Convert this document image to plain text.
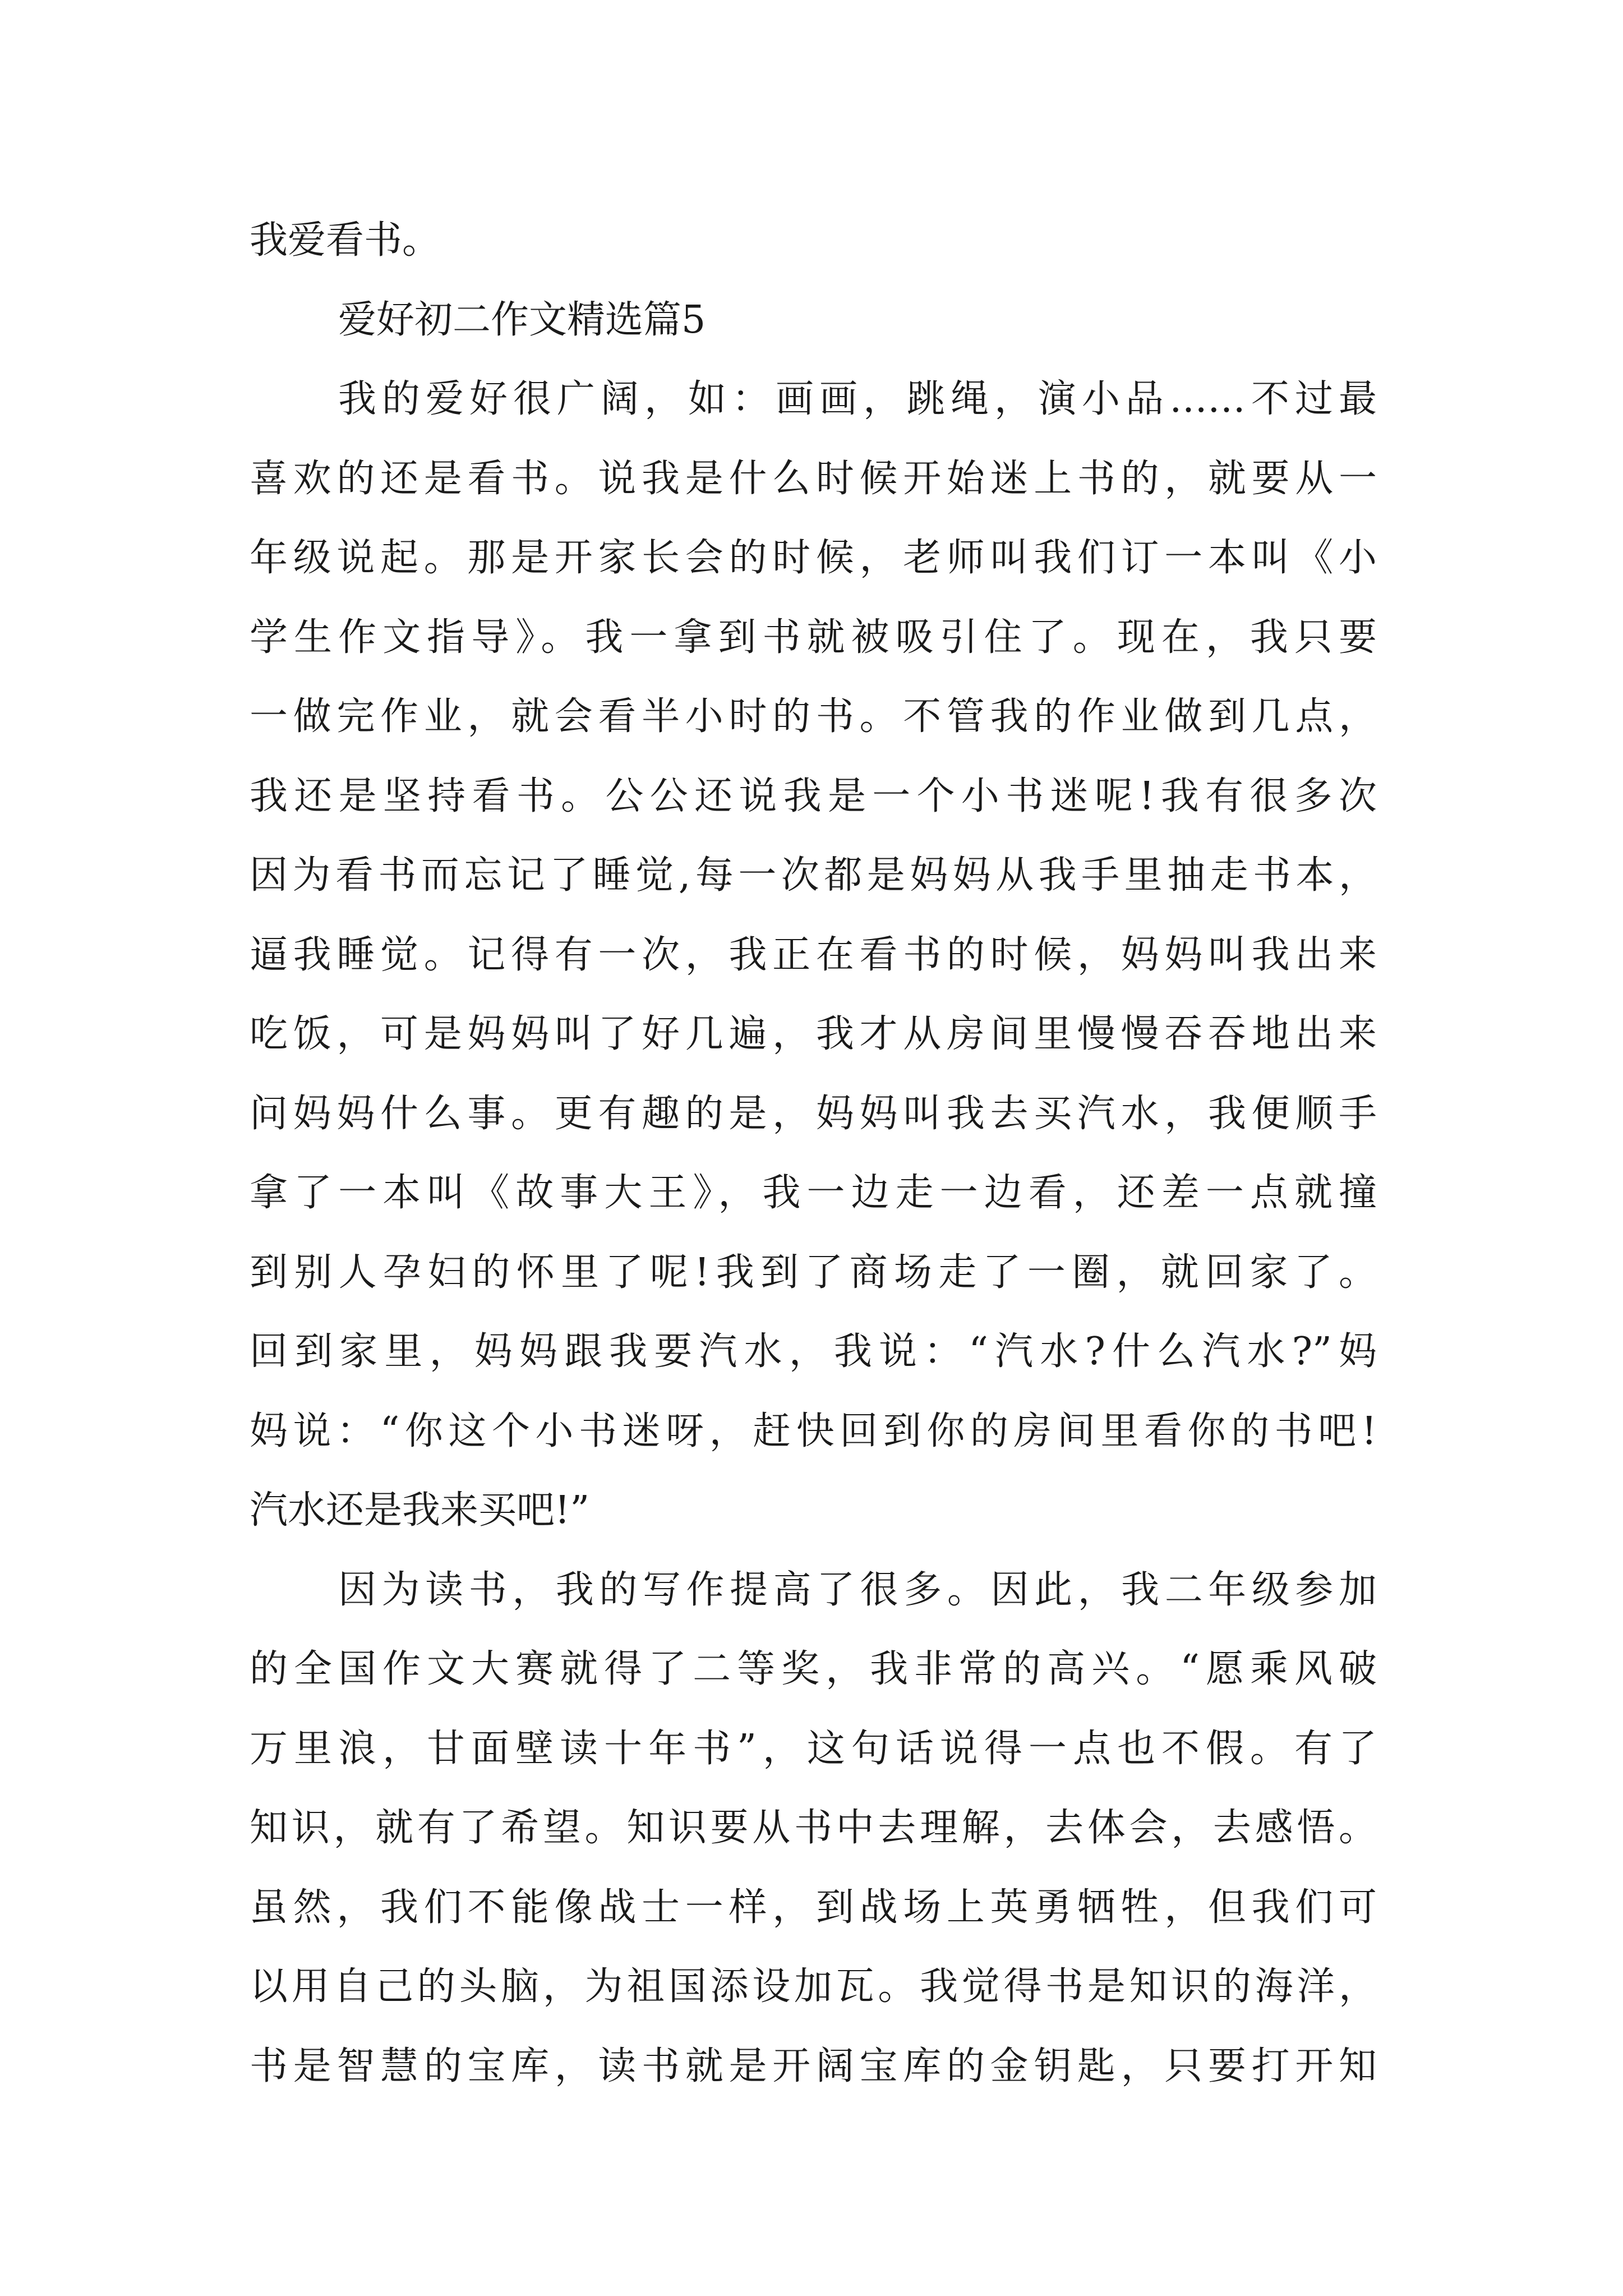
我爱看书。
爱好初二作文精选篇5
我的爱好很广阔，如：画画，跳绳，演小品……不过最
喜欢的还是看书。说我是什么时候开始迷上书的，就要从一
年级说起。那是开家长会的时候，老师叫我们订一本叫《小
学生作文指导》。我一拿到书就被吸引住了。现在，我只要
一做完作业，就会看半小时的书。不管我的作业做到几点，
我还是坚持看书。公公还说我是一个小书迷呢!我有很多次
因为看书而忘记了睡觉,每一次都是妈妈从我手里抽走书本，
逼我睡觉。记得有一次，我正在看书的时候，妈妈叫我出来
吃饭，可是妈妈叫了好几遍，我才从房间里慢慢吞吞地出来
问妈妈什么事。更有趣的是，妈妈叫我去买汽水，我便顺手
拿了一本叫《故事大王》，我一边走一边看，还差一点就撞
到别人孕妇的怀里了呢!我到了商场走了一圈，就回家了。
回到家里，妈妈跟我要汽水，我说：“汽水?什么汽水?”妈
妈说：“你这个小书迷呀，赶快回到你的房间里看你的书吧!
汽水还是我来买吧!”
因为读书，我的写作提高了很多。因此，我二年级参加
的全国作文大赛就得了二等奖，我非常的高兴。“愿乘风破
万里浪，甘面壁读十年书”，这句话说得一点也不假。有了
知识，就有了希望。知识要从书中去理解，去体会，去感悟。
虽然，我们不能像战士一样，到战场上英勇牺牲，但我们可
以用自己的头脑，为祖国添设加瓦。我觉得书是知识的海洋，
书是智慧的宝库，读书就是开阔宝库的金钥匙，只要打开知
